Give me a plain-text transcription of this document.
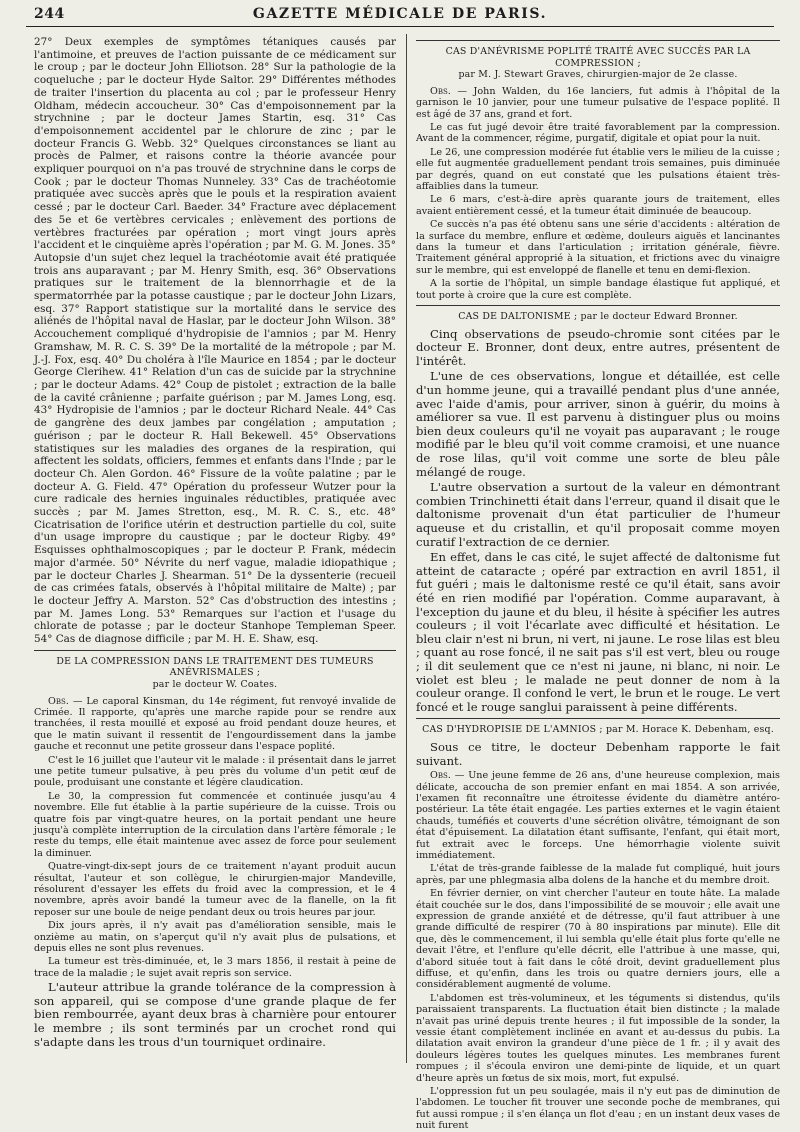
244	GAZETTE MÉDICALE DE PARIS.

27° Deux exemples de symptômes tétaniques causés par l'antimoine, et preuves de l'action puissante de ce médicament sur le croup ; par le docteur John Elliotson. 28° Sur la pathologie de la coqueluche ; par le docteur Hyde Saltor. 29° Différentes méthodes de traiter l'insertion du placenta au col ; par le professeur Henry Oldham, médecin accoucheur. 30° Cas d'empoisonnement par la strychnine ; par le docteur James Startin, esq. 31° Cas d'empoisonnement accidentel par le chlorure de zinc ; par le docteur Francis G. Webb. 32° Quelques circonstances se liant au procès de Palmer, et raisons contre la théorie avancée pour expliquer pourquoi on n'a pas trouvé de strychnine dans le corps de Cook ; par le docteur Thomas Nunneley. 33° Cas de trachéotomie pratiquée avec succès après que le pouls et la respiration avaient cessé ; par le docteur Carl. Baeder. 34° Fracture avec déplacement des 5e et 6e vertèbres cervicales ; enlèvement des portions de vertèbres fracturées par opération ; mort vingt jours après l'accident et le cinquième après l'opération ; par M. G. M. Jones. 35° Autopsie d'un sujet chez lequel la trachéotomie avait été pratiquée trois ans auparavant ; par M. Henry Smith, esq. 36° Observations pratiques sur le traitement de la blennorrhagie et de la spermatorrhée par la potasse caustique ; par le docteur John Lizars, esq. 37° Rapport statistique sur la mortalité dans le service des aliénés de l'hôpital naval de Haslar, par le docteur John Wilson. 38° Accouchement compliqué d'hydropisie de l'amnios ; par M. Henry Gramshaw, M. R. C. S. 39° De la mortalité de la métropole ; par M. J.-J. Fox, esq. 40° Du choléra à l'île Maurice en 1854 ; par le docteur George Clerihew. 41° Relation d'un cas de suicide par la strychnine ; par le docteur Adams. 42° Coup de pistolet ; extraction de la balle de la cavité crânienne ; parfaite guérison ; par M. James Long, esq. 43° Hydropisie de l'amnios ; par le docteur Richard Neale. 44° Cas de gangrène des deux jambes par congélation ; amputation ; guérison ; par le docteur R. Hall Bekewell. 45° Observations statistiques sur les maladies des organes de la respiration, qui affectent les soldats, officiers, femmes et enfants dans l'Inde ; par le docteur Ch. Alen Gordon. 46° Fissure de la voûte palatine ; par le docteur A. G. Field. 47° Opération du professeur Wutzer pour la cure radicale des hernies inguinales réductibles, pratiquée avec succès ; par M. James Stretton, esq., M. R. C. S., etc. 48° Cicatrisation de l'orifice utérin et destruction partielle du col, suite d'un usage impropre du caustique ; par le docteur Rigby. 49° Esquisses ophthalmoscopiques ; par le docteur P. Frank, médecin major d'armée. 50° Névrite du nerf vague, maladie idiopathique ; par le docteur Charles J. Shearman. 51° De la dyssenterie (recueil de cas crimées fatals, observés à l'hôpital militaire de Malte) ; par le docteur Jeffry A. Marston. 52° Cas d'obstruction des intestins ; par M. James Long. 53° Remarques sur l'action et l'usage du chlorate de potasse ; par le docteur Stanhope Templeman Speer. 54° Cas de diagnose difficile ; par M. H. E. Shaw, esq.

DE LA COMPRESSION DANS LE TRAITEMENT DES TUMEURS ANÉVRISMALES ;
par le docteur W. Coates.

Obs. — Le caporal Kinsman, du 14e régiment, fut renvoyé invalide de Crimée. Il rapporte, qu'après une marche rapide pour se rendre aux tranchées, il resta mouillé et exposé au froid pendant douze heures, et que le matin suivant il ressentit de l'engourdissement dans la jambe gauche et reconnut une petite grosseur dans l'espace poplité.

C'est le 16 juillet que l'auteur vit le malade : il présentait dans le jarret une petite tumeur pulsative, à peu près du volume d'un petit œuf de poule, produisant une constante et légère claudication.

Le 30, la compression fut commencée et continuée jusqu'au 4 novembre. Elle fut établie à la partie supérieure de la cuisse. Trois ou quatre fois par vingt-quatre heures, on la portait pendant une heure jusqu'à complète interruption de la circulation dans l'artère fémorale ; le reste du temps, elle était maintenue avec assez de force pour seulement la diminuer.

Quatre-vingt-dix-sept jours de ce traitement n'ayant produit aucun résultat, l'auteur et son collègue, le chirurgien-major Mandeville, résolurent d'essayer les effets du froid avec la compression, et le 4 novembre, après avoir bandé la tumeur avec de la flanelle, on la fit reposer sur une boule de neige pendant deux ou trois heures par jour.

Dix jours après, il n'y avait pas d'amélioration sensible, mais le onzième au matin, on s'aperçut qu'il n'y avait plus de pulsations, et depuis elles ne sont plus revenues.

La tumeur est très-diminuée, et, le 3 mars 1856, il restait à peine de trace de la maladie ; le sujet avait repris son service.

L'auteur attribue la grande tolérance de la compression à son appareil, qui se compose d'une grande plaque de fer bien rembourrée, ayant deux bras à charnière pour entourer le membre ; ils sont terminés par un crochet rond qui s'adapte dans les trous d'un tourniquet ordinaire.

CAS D'ANÉVRISME POPLITÉ TRAITÉ AVEC SUCCÈS PAR LA COMPRESSION ;
par M. J. Stewart Graves, chirurgien-major de 2e classe.

Obs. — John Walden, du 16e lanciers, fut admis à l'hôpital de la garnison le 10 janvier, pour une tumeur pulsative de l'espace poplité. Il est âgé de 37 ans, grand et fort.

Le cas fut jugé devoir être traité favorablement par la compression. Avant de la commencer, régime, purgatif, digitale et opiat pour la nuit.

Le 26, une compression modérée fut établie vers le milieu de la cuisse ; elle fut augmentée graduellement pendant trois semaines, puis diminuée par degrés, quand on eut constaté que les pulsations étaient très-affaiblies dans la tumeur.

Le 6 mars, c'est-à-dire après quarante jours de traitement, elles avaient entièrement cessé, et la tumeur était diminuée de beaucoup.

Ce succès n'a pas été obtenu sans une série d'accidents : altération de la surface du membre, enflure et œdème, douleurs aiguës et lancinantes dans la tumeur et dans l'articulation ; irritation générale, fièvre. Traitement général approprié à la situation, et frictions avec du vinaigre sur le membre, qui est enveloppé de flanelle et tenu en demi-flexion.

A la sortie de l'hôpital, un simple bandage élastique fut appliqué, et tout porte à croire que la cure est complète.

CAS DE DALTONISME ; par le docteur Edward Bronner.

Cinq observations de pseudo-chromie sont citées par le docteur E. Bronner, dont deux, entre autres, présentent de l'intérêt.

L'une de ces observations, longue et détaillée, est celle d'un homme jeune, qui a travaillé pendant plus d'une année, avec l'aide d'amis, pour arriver, sinon à guérir, du moins à améliorer sa vue. Il est parvenu à distinguer plus ou moins bien deux couleurs qu'il ne voyait pas auparavant ; le rouge modifié par le bleu qu'il voit comme cramoisi, et une nuance de rose lilas, qu'il voit comme une sorte de bleu pâle mélangé de rouge.

L'autre observation a surtout de la valeur en démontrant combien Trinchinetti était dans l'erreur, quand il disait que le daltonisme provenait d'un état particulier de l'humeur aqueuse et du cristallin, et qu'il proposait comme moyen curatif l'extraction de ce dernier.

En effet, dans le cas cité, le sujet affecté de daltonisme fut atteint de cataracte ; opéré par extraction en avril 1851, il fut guéri ; mais le daltonisme resté ce qu'il était, sans avoir été en rien modifié par l'opération. Comme auparavant, à l'exception du jaune et du bleu, il hésite à spécifier les autres couleurs ; il voit l'écarlate avec difficulté et hésitation. Le bleu clair n'est ni brun, ni vert, ni jaune. Le rose lilas est bleu ; quant au rose foncé, il ne sait pas s'il est vert, bleu ou rouge ; il dit seulement que ce n'est ni jaune, ni blanc, ni noir. Le violet est bleu ; le malade ne peut donner de nom à la couleur orange. Il confond le vert, le brun et le rouge. Le vert foncé et le rouge sanglui paraissent à peine différents.

CAS D'HYDROPISIE DE L'AMNIOS ; par M. Horace K. Debenham, esq.

Sous ce titre, le docteur Debenham rapporte le fait suivant.

Obs. — Une jeune femme de 26 ans, d'une heureuse complexion, mais délicate, accoucha de son premier enfant en mai 1854. A son arrivée, l'examen fit reconnaître une étroitesse évidente du diamètre antéro-postérieur. La tête était engagée. Les parties externes et le vagin étaient chauds, tuméfiés et couverts d'une sécrétion olivâtre, témoignant de son état d'épuisement. La dilatation étant suffisante, l'enfant, qui était mort, fut extrait avec le forceps. Une hémorrhagie violente suivit immédiatement.

L'état de très-grande faiblesse de la malade fut compliqué, huit jours après, par une phlegmasia alba dolens de la hanche et du membre droit.

En février dernier, on vint chercher l'auteur en toute hâte. La malade était couchée sur le dos, dans l'impossibilité de se mouvoir ; elle avait une expression de grande anxiété et de détresse, qu'il faut attribuer à une grande difficulté de respirer (70 à 80 inspirations par minute). Elle dit que, dès le commencement, il lui sembla qu'elle était plus forte qu'elle ne devait l'être, et l'enflure qu'elle décrit, elle l'attribue à une masse, qui, d'abord située tout à fait dans le côté droit, devint graduellement plus diffuse, et qu'enfin, dans les trois ou quatre derniers jours, elle a considérablement augmenté de volume.

L'abdomen est très-volumineux, et les téguments si distendus, qu'ils paraissaient transparents. La fluctuation était bien distincte ; la malade n'avait pas uriné depuis trente heures ; il fut impossible de la sonder, la vessie étant complètement inclinée en avant et au-dessus du pubis. La dilatation avait environ la grandeur d'une pièce de 1 fr. ; il y avait des douleurs légères toutes les quelques minutes. Les membranes furent rompues ; il s'écoula environ une demi-pinte de liquide, et un quart d'heure après un fœtus de six mois, mort, fut expulsé.

L'oppression fut un peu soulagée, mais il n'y eut pas de diminution de l'abdomen. Le toucher fit trouver une seconde poche de membranes, qui fut aussi rompue ; il s'en élança un flot d'eau ; en un instant deux vases de nuit furent
